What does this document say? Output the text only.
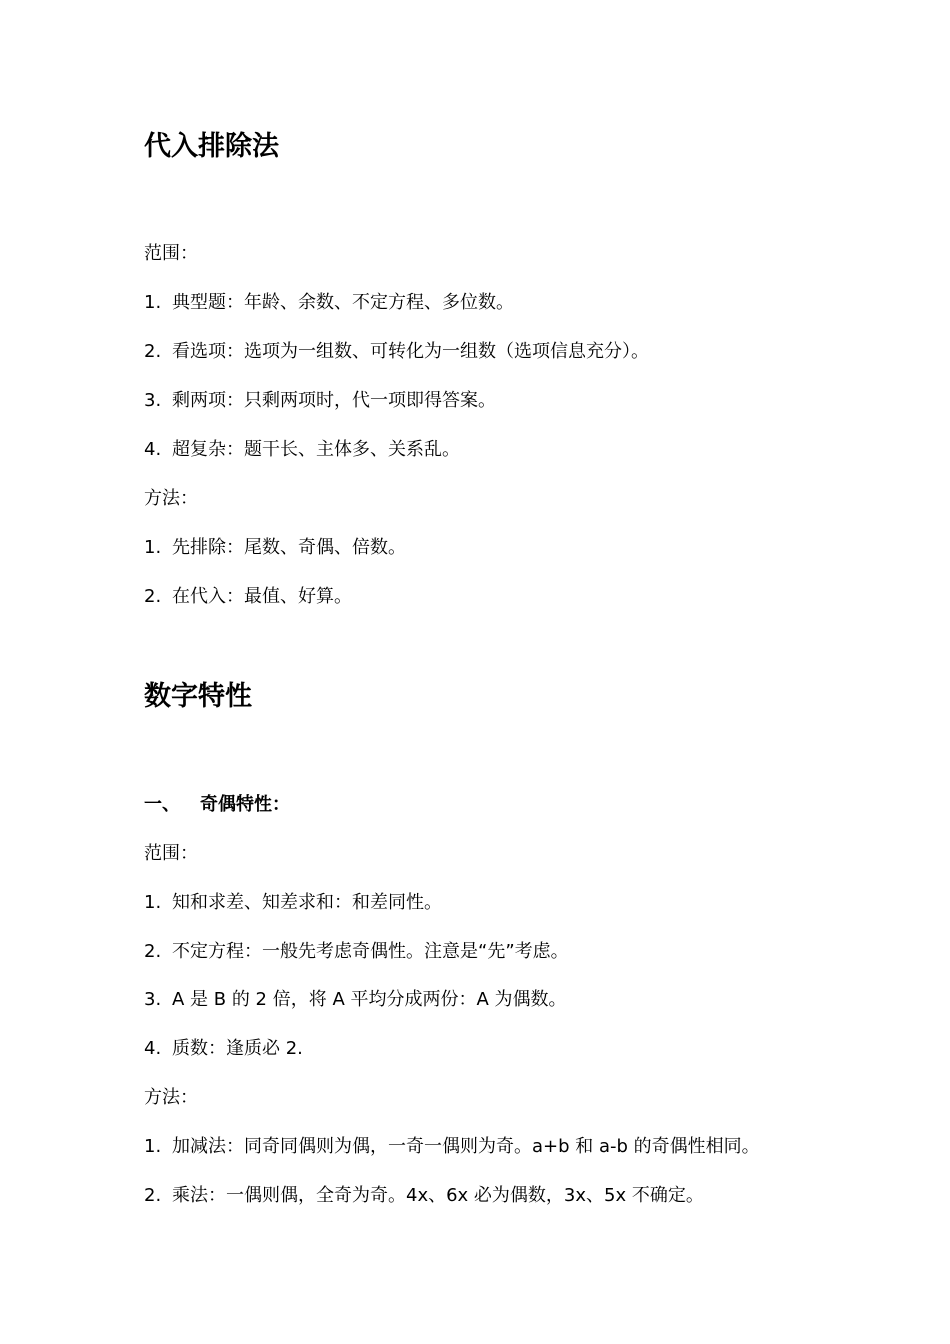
代入排除法
范围：
1. 典型题：年龄、余数、不定方程、多位数。
2. 看选项：选项为一组数、可转化为一组数（选项信息充分）。
3. 剩两项：只剩两项时，代一项即得答案。
4. 超复杂：题干长、主体多、关系乱。
方法：
1. 先排除：尾数、奇偶、倍数。
2. 在代入：最值、好算。
数字特性
一、 奇偶特性：
范围：
1. 知和求差、知差求和：和差同性。
2. 不定方程：一般先考虑奇偶性。注意是“先”考虑。
3. A 是 B 的 2 倍，将 A 平均分成两份：A 为偶数。
4. 质数：逢质必 2.
方法：
1. 加减法：同奇同偶则为偶，一奇一偶则为奇。a+b 和 a-b 的奇偶性相同。
2. 乘法：一偶则偶，全奇为奇。4x、6x 必为偶数，3x、5x 不确定。
